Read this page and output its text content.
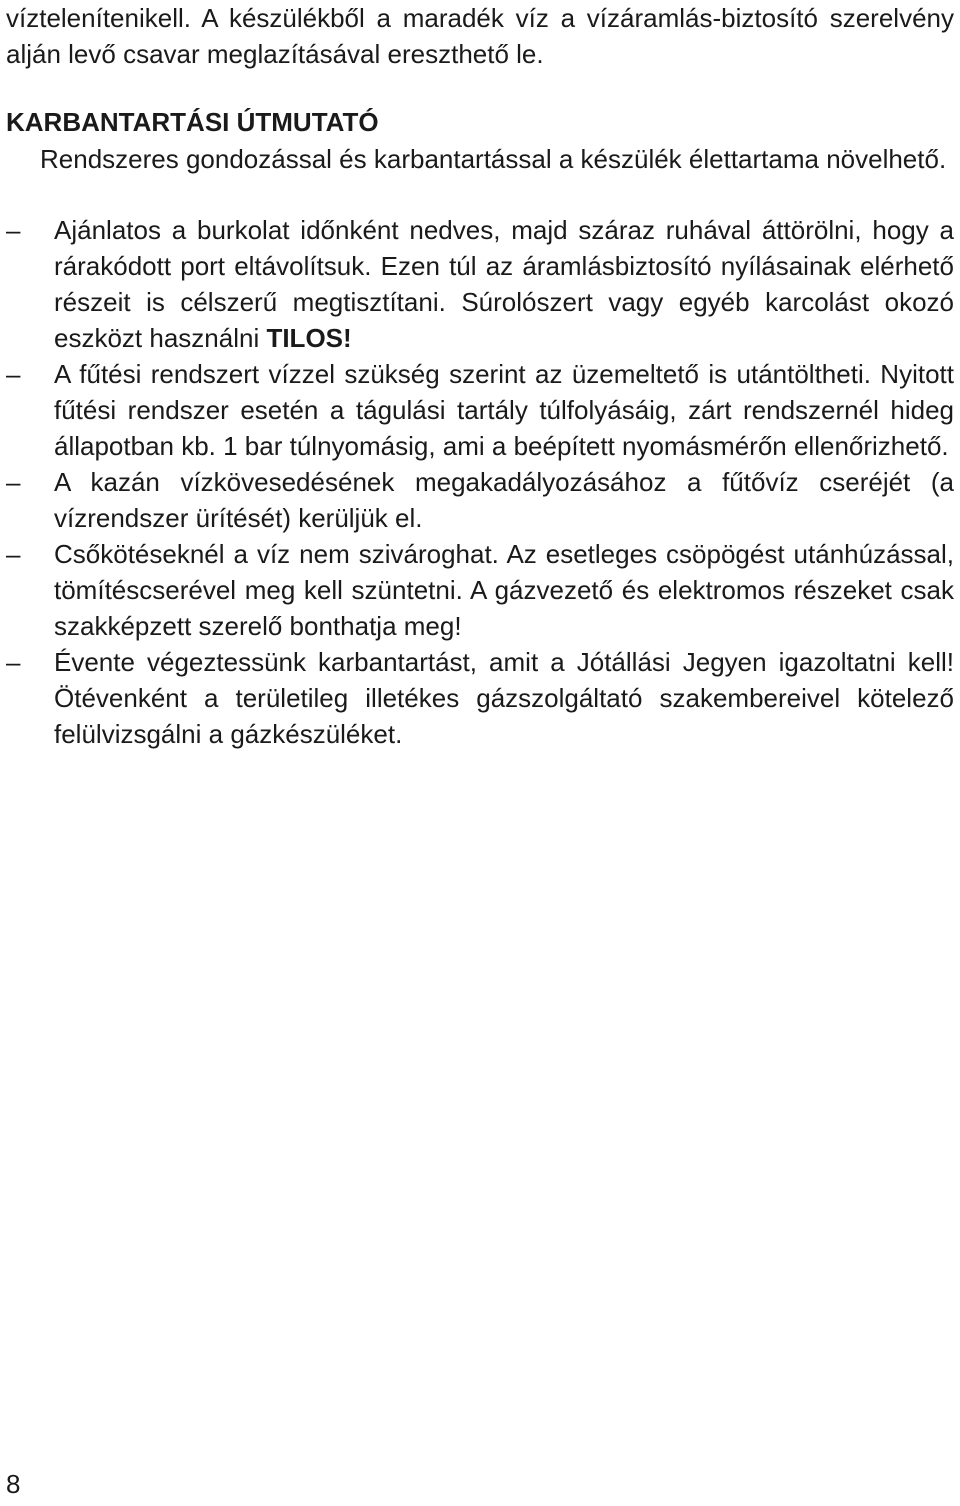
víztelenítenikell. A készülékből a maradék víz a vízáramlás-biztosító szerelvény alján levő csavar meglazításával ereszthető le.

KARBANTARTÁSI ÚTMUTATÓ

Rendszeres gondozással és karbantartással a készülék élettartama növelhető.

–	Ajánlatos a burkolat időnként nedves, majd száraz ruhával áttörölni, hogy a rárakódott port eltávolítsuk. Ezen túl az áramlásbiztosító nyílásainak elérhető részeit is célszerű megtisztítani. Súrolószert vagy egyéb karcolást okozó eszközt használni TILOS!
–	A fűtési rendszert vízzel szükség szerint az üzemeltető is utántöltheti. Nyitott fűtési rendszer esetén a tágulási tartály túlfolyásáig, zárt rendszernél hideg állapotban kb. 1 bar túlnyomásig, ami a beépített nyomásmérőn ellenőrizhető.
–	A kazán vízkövesedésének megakadályozásához a fűtővíz cseréjét (a vízrendszer ürítését) kerüljük el.
–	Csőkötéseknél a víz nem szivároghat. Az esetleges csöpögést utánhúzással, tömítéscserével meg kell szüntetni. A gázvezető és elektromos részeket csak szakképzett szerelő bonthatja meg!
–	Évente végeztessünk karbantartást, amit a Jótállási Jegyen igazoltatni kell! Ötévenként a területileg illetékes gázszolgáltató szakembereivel kötelező felülvizsgálni a gázkészüléket.
8
